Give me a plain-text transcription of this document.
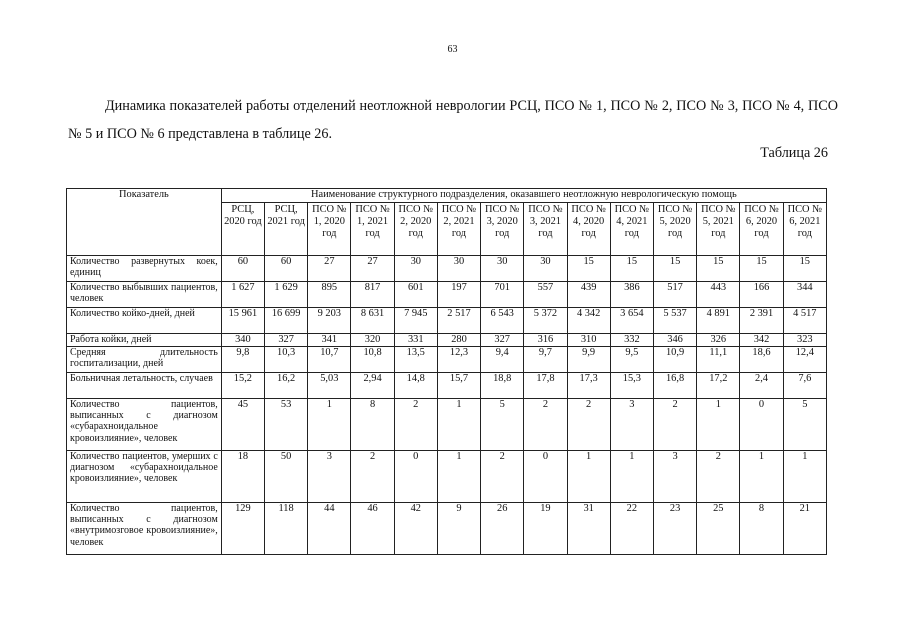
63

Динамика показателей работы отделений неотложной неврологии РСЦ, ПСО № 1, ПСО № 2, ПСО № 3, ПСО № 4, ПСО № 5 и ПСО № 6 представлена в таблице 26.

Таблица 26
Показатель	Наименование структурного подразделения, оказавшего неотложную неврологическую помощь													
	РСЦ, 2020 год	РСЦ, 2021 год	ПСО № 1, 2020 год	ПСО № 1, 2021 год	ПСО № 2, 2020 год	ПСО № 2, 2021 год	ПСО № 3, 2020 год	ПСО № 3, 2021 год	ПСО № 4, 2020 год	ПСО № 4, 2021 год	ПСО № 5, 2020 год	ПСО № 5, 2021 год	ПСО № 6, 2020 год	ПСО № 6, 2021 год
Количество развернутых коек, единиц	60	60	27	27	30	30	30	30	15	15	15	15	15	15
Количество выбывших пациентов, человек	1 627	1 629	895	817	601	197	701	557	439	386	517	443	166	344
Количество койко-дней, дней	15 961	16 699	9 203	8 631	7 945	2 517	6 543	5 372	4 342	3 654	5 537	4 891	2 391	4 517
Работа койки, дней	340	327	341	320	331	280	327	316	310	332	346	326	342	323
Средняя длительность госпитализации, дней	9,8	10,3	10,7	10,8	13,5	12,3	9,4	9,7	9,9	9,5	10,9	11,1	18,6	12,4
Больничная летальность, случаев	15,2	16,2	5,03	2,94	14,8	15,7	18,8	17,8	17,3	15,3	16,8	17,2	2,4	7,6
Количество пациентов, выписанных с диагнозом «субарахноидальное кровоизлияние», человек	45	53	1	8	2	1	5	2	2	3	2	1	0	5
Количество пациентов, умерших с диагнозом «субарахноидальное кровоизлияние», человек	18	50	3	2	0	1	2	0	1	1	3	2	1	1
Количество пациентов, выписанных с диагнозом «внутримозговое кровоизлияние», человек	129	118	44	46	42	9	26	19	31	22	23	25	8	21
